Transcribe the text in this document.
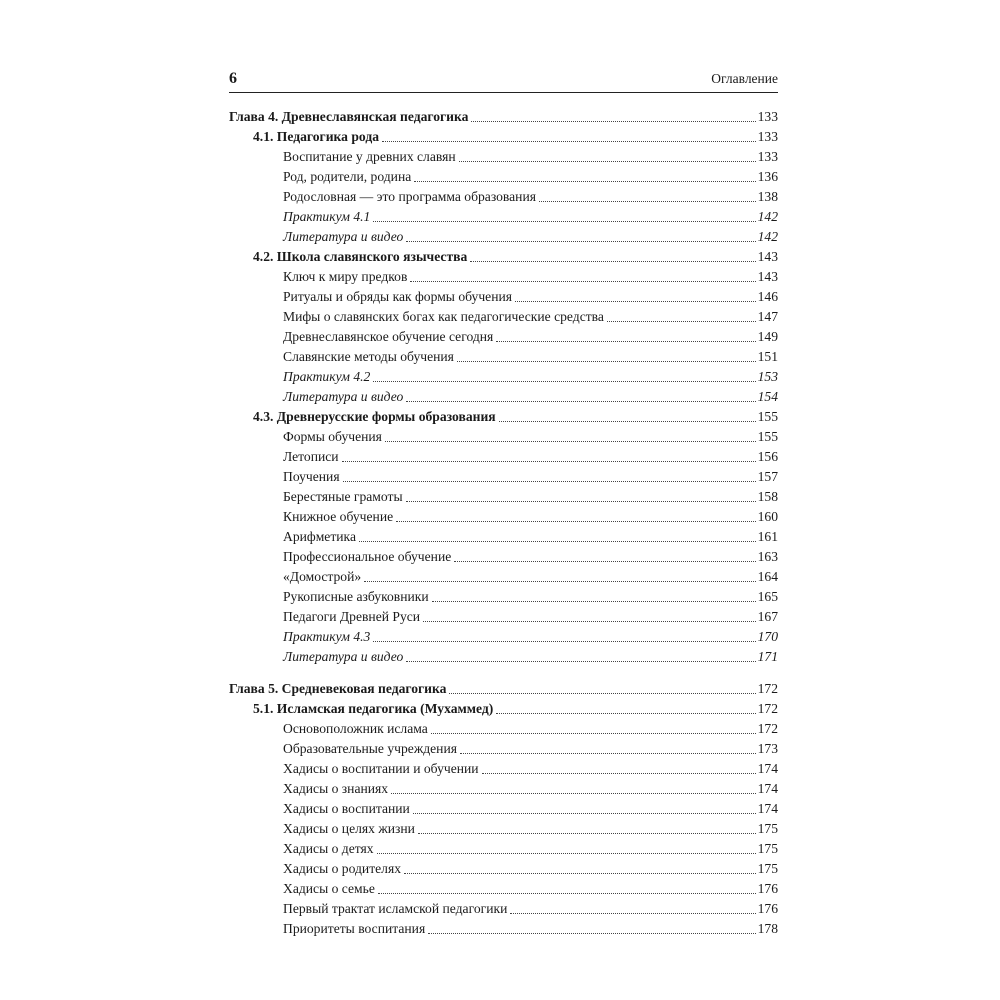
6	Оглавление
Глава 4. Древнеславянская педагогика	133
4.1. Педагогика рода	133
Воспитание у древних славян	133
Род, родители, родина	136
Родословная — это программа образования	138
Практикум 4.1	142
Литература и видео	142
4.2. Школа славянского язычества	143
Ключ к миру предков	143
Ритуалы и обряды как формы обучения	146
Мифы о славянских богах как педагогические средства	147
Древнеславянское обучение сегодня	149
Славянские методы обучения	151
Практикум 4.2	153
Литература и видео	154
4.3. Древнерусские формы образования	155
Формы обучения	155
Летописи	156
Поучения	157
Берестяные грамоты	158
Книжное обучение	160
Арифметика	161
Профессиональное обучение	163
«Домострой»	164
Рукописные азбуковники	165
Педагоги Древней Руси	167
Практикум 4.3	170
Литература и видео	171
Глава 5. Средневековая педагогика	172
5.1. Исламская педагогика (Мухаммед)	172
Основоположник ислама	172
Образовательные учреждения	173
Хадисы о воспитании и обучении	174
Хадисы о знаниях	174
Хадисы о воспитании	174
Хадисы о целях жизни	175
Хадисы о детях	175
Хадисы о родителях	175
Хадисы о семье	176
Первый трактат исламской педагогики	176
Приоритеты воспитания	178
